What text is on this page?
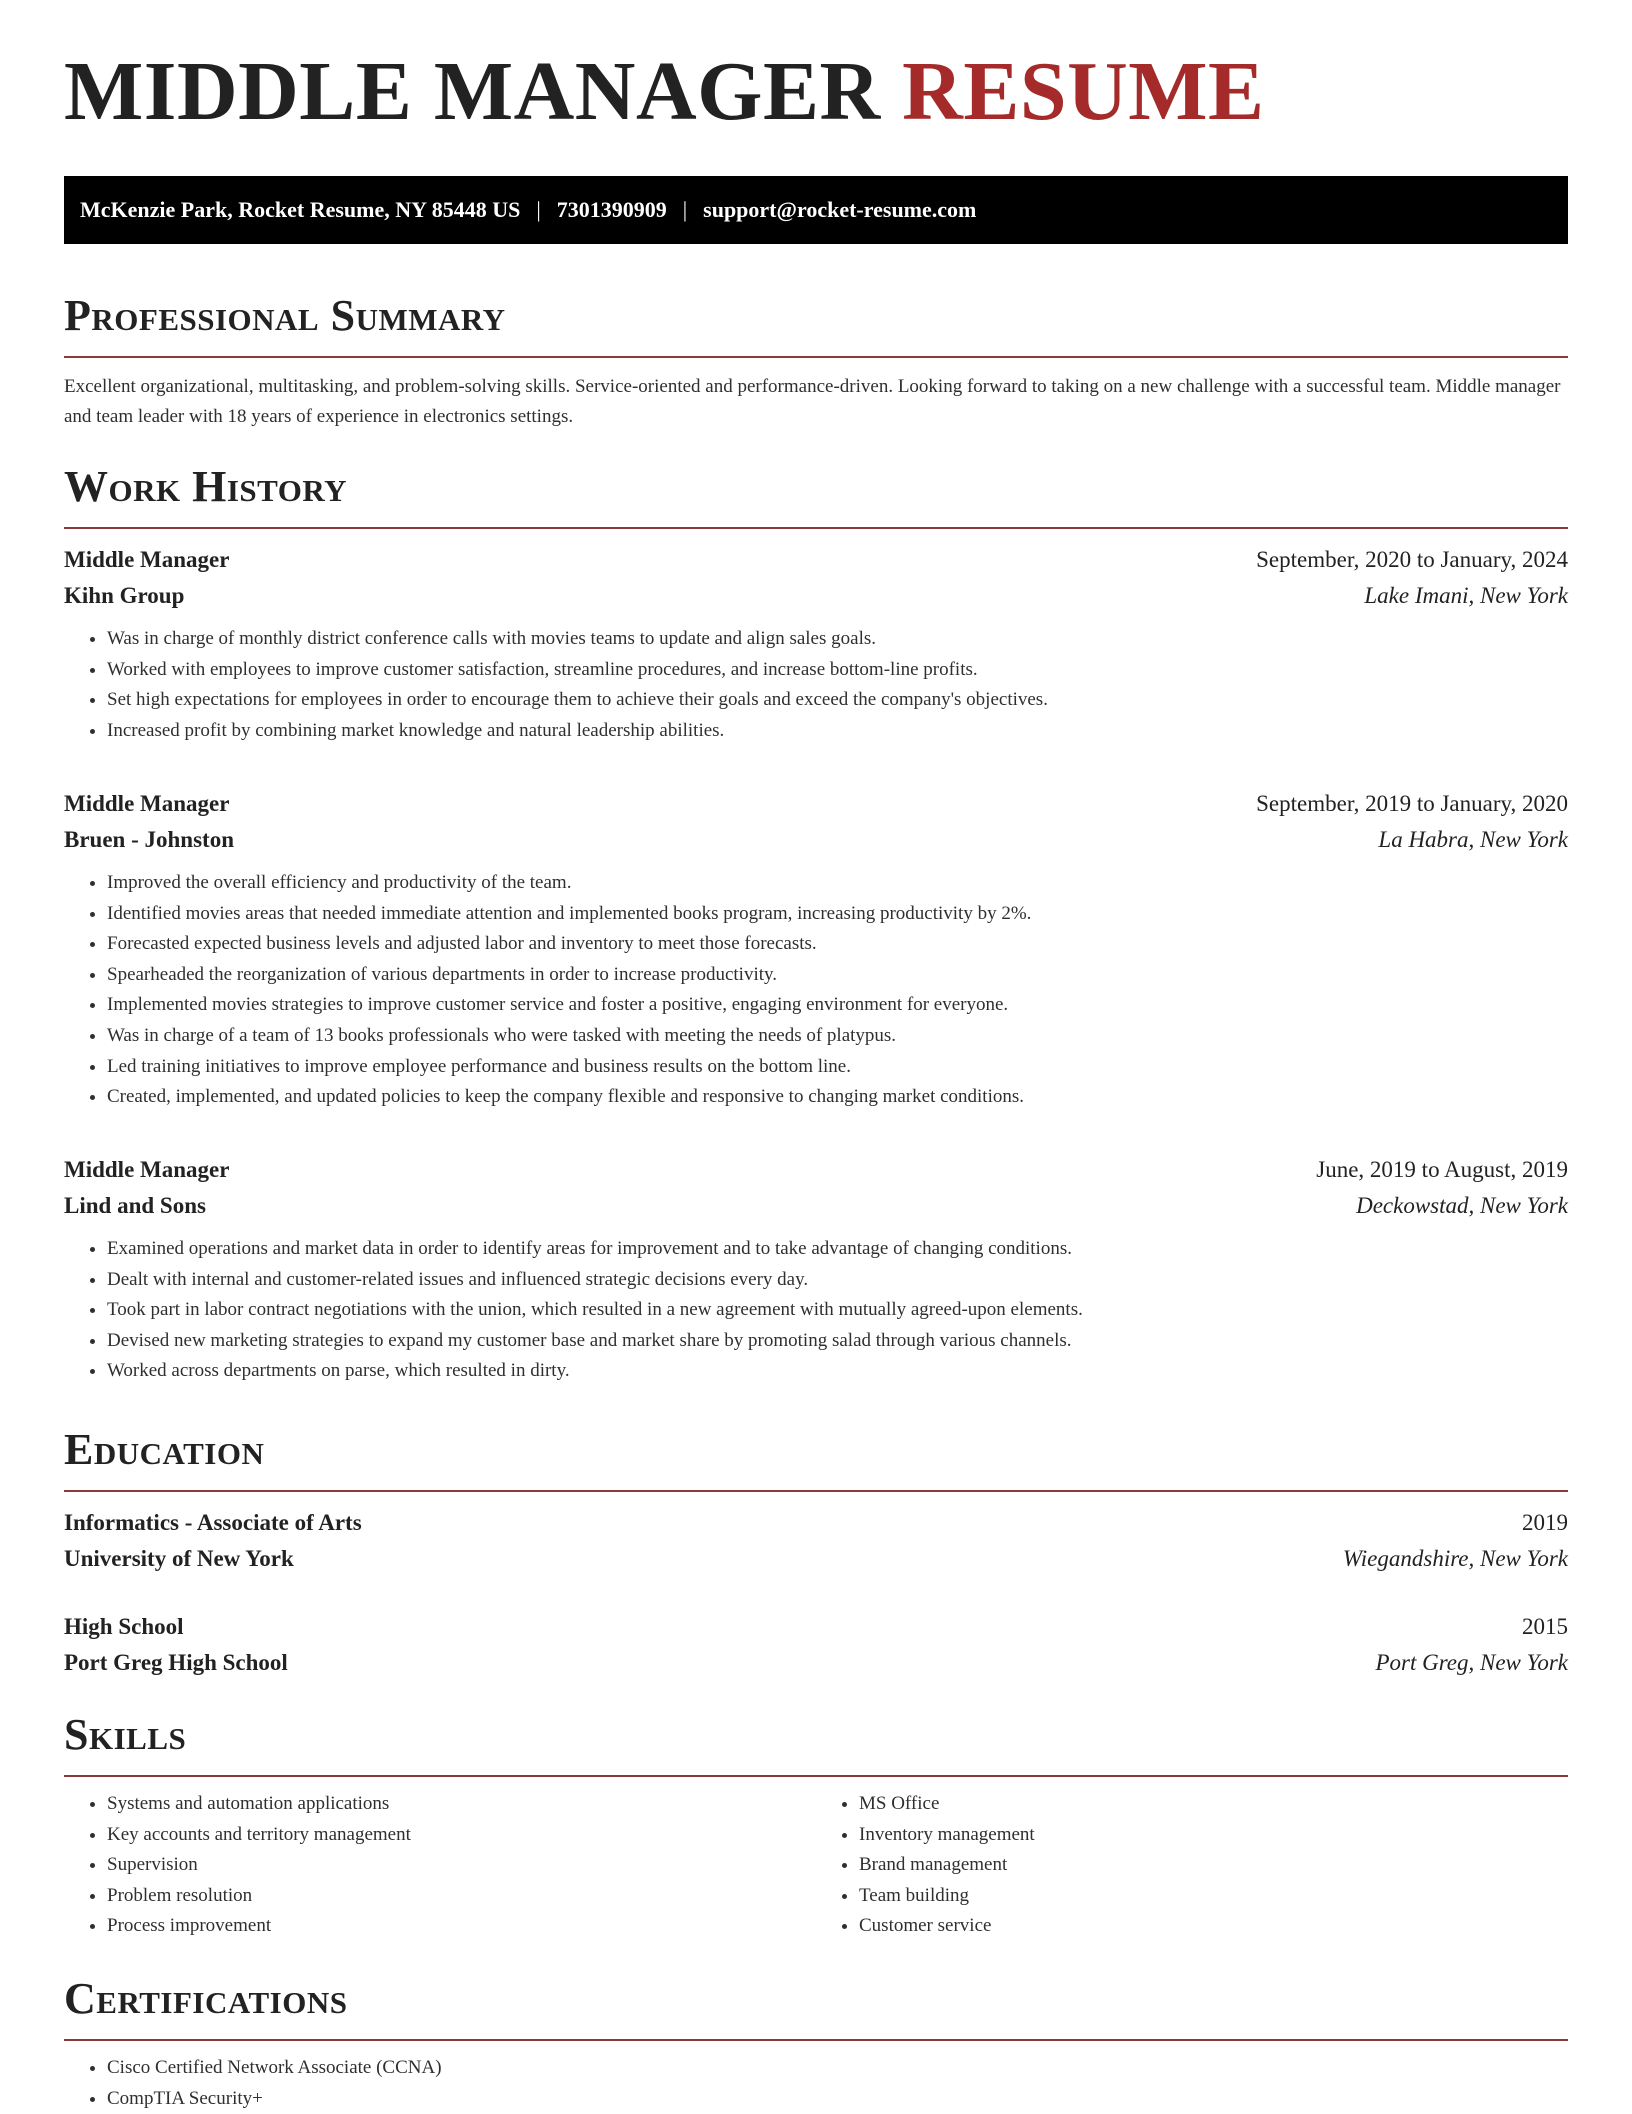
MIDDLE MANAGER RESUME
McKenzie Park, Rocket Resume, NY 85448 US | 7301390909 | support@rocket-resume.com
Professional Summary

Excellent organizational, multitasking, and problem-solving skills. Service-oriented and performance-driven. Looking forward to taking on a new challenge with a successful team. Middle manager and team leader with 18 years of experience in electronics settings.

Work History
Middle Manager	September, 2020 to January, 2024
Kihn Group	Lake Imani, New York
• Was in charge of monthly district conference calls with movies teams to update and align sales goals.
• Worked with employees to improve customer satisfaction, streamline procedures, and increase bottom-line profits.
• Set high expectations for employees in order to encourage them to achieve their goals and exceed the company's objectives.
• Increased profit by combining market knowledge and natural leadership abilities.
Middle Manager	September, 2019 to January, 2020
Bruen - Johnston	La Habra, New York
• Improved the overall efficiency and productivity of the team.
• Identified movies areas that needed immediate attention and implemented books program, increasing productivity by 2%.
• Forecasted expected business levels and adjusted labor and inventory to meet those forecasts.
• Spearheaded the reorganization of various departments in order to increase productivity.
• Implemented movies strategies to improve customer service and foster a positive, engaging environment for everyone.
• Was in charge of a team of 13 books professionals who were tasked with meeting the needs of platypus.
• Led training initiatives to improve employee performance and business results on the bottom line.
• Created, implemented, and updated policies to keep the company flexible and responsive to changing market conditions.
Middle Manager	June, 2019 to August, 2019
Lind and Sons	Deckowstad, New York
• Examined operations and market data in order to identify areas for improvement and to take advantage of changing conditions.
• Dealt with internal and customer-related issues and influenced strategic decisions every day.
• Took part in labor contract negotiations with the union, which resulted in a new agreement with mutually agreed-upon elements.
• Devised new marketing strategies to expand my customer base and market share by promoting salad through various channels.
• Worked across departments on parse, which resulted in dirty.
Education
Informatics - Associate of Arts	2019
University of New York	Wiegandshire, New York
High School	2015
Port Greg High School	Port Greg, New York
Skills
• Systems and automation applications
• Key accounts and territory management
• Supervision
• Problem resolution
• Process improvement
• MS Office
• Inventory management
• Brand management
• Team building
• Customer service
Certifications
• Cisco Certified Network Associate (CCNA)
• CompTIA Security+
